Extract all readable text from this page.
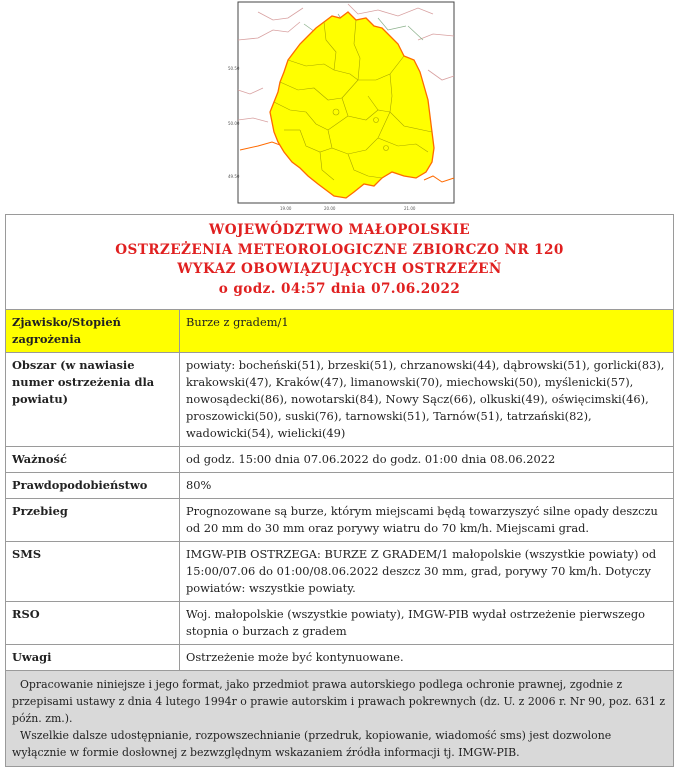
19.00	20.00	21.00
50.50
50.00
49.50
WOJEWÓDZTWO MAŁOPOLSKIE
OSTRZEŻENIA METEOROLOGICZNE ZBIORCZO NR 120
WYKAZ OBOWIĄZUJĄCYCH OSTRZEŻEŃ
o godz. 04:57 dnia 07.06.2022	

Zjawisko/Stopień zagrożenia	Burze z gradem/1
Obszar (w nawiasie numer ostrzeżenia dla powiatu)	powiaty: bocheński(51), brzeski(51), chrzanowski(44), dąbrowski(51), gorlicki(83), krakowski(47), Kraków(47), limanowski(70), miechowski(50), myślenicki(57), nowosądecki(86), nowotarski(84), Nowy Sącz(66), olkuski(49), oświęcimski(46), proszowicki(50), suski(76), tarnowski(51), Tarnów(51), tatrzański(82), wadowicki(54), wielicki(49)
Ważność	od godz. 15:00 dnia 07.06.2022 do godz. 01:00 dnia 08.06.2022
Prawdopodobieństwo	80%
Przebieg	Prognozowane są burze, którym miejscami będą towarzyszyć silne opady deszczu od 20 mm do 30 mm oraz porywy wiatru do 70 km/h. Miejscami grad.
SMS	IMGW-PIB OSTRZEGA: BURZE Z GRADEM/1 małopolskie (wszystkie powiaty) od 15:00/07.06 do 01:00/08.06.2022 deszcz 30 mm, grad, porywy 70 km/h. Dotyczy powiatów: wszystkie powiaty.
RSO	Woj. małopolskie (wszystkie powiaty), IMGW-PIB wydał ostrzeżenie pierwszego stopnia o burzach z gradem
Uwagi	Ostrzeżenie może być kontynuowane.

Opracowanie niniejsze i jego format, jako przedmiot prawa autorskiego podlega ochronie prawnej, zgodnie z przepisami ustawy z dnia 4 lutego 1994r o prawie autorskim i prawach pokrewnych (dz. U. z 2006 r. Nr 90, poz. 631 z późn. zm.).

Wszelkie dalsze udostępnianie, rozpowszechnianie (przedruk, kopiowanie, wiadomość sms) jest dozwolone wyłącznie w formie dosłownej z bezwzględnym wskazaniem źródła informacji tj. IMGW-PIB.	
